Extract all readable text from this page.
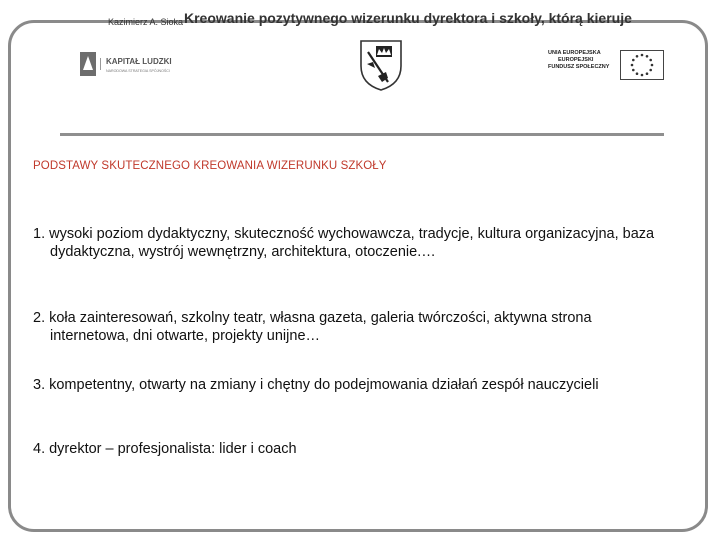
Kazimierz A. Sioka Kreowanie pozytywnego wizerunku dyrektora i szkoły, którą kieruje
KAPITAŁ LUDZKI
NARODOWA STRATEGIA SPÓJNOŚCI
UNIA EUROPEJSKA
EUROPEJSKI
FUNDUSZ SPOŁECZNY
PODSTAWY SKUTECZNEGO KREOWANIA WIZERUNKU SZKOŁY
1. wysoki poziom dydaktyczny, skuteczność wychowawcza, tradycje, kultura organizacyjna, baza dydaktyczna, wystrój wewnętrzny, architektura, otoczenie.…
2. koła zainteresowań, szkolny teatr, własna gazeta, galeria twórczości, aktywna strona internetowa, dni otwarte, projekty unijne…
3. kompetentny, otwarty na zmiany i chętny do podejmowania działań zespół nauczycieli
4. dyrektor – profesjonalista: lider i coach
